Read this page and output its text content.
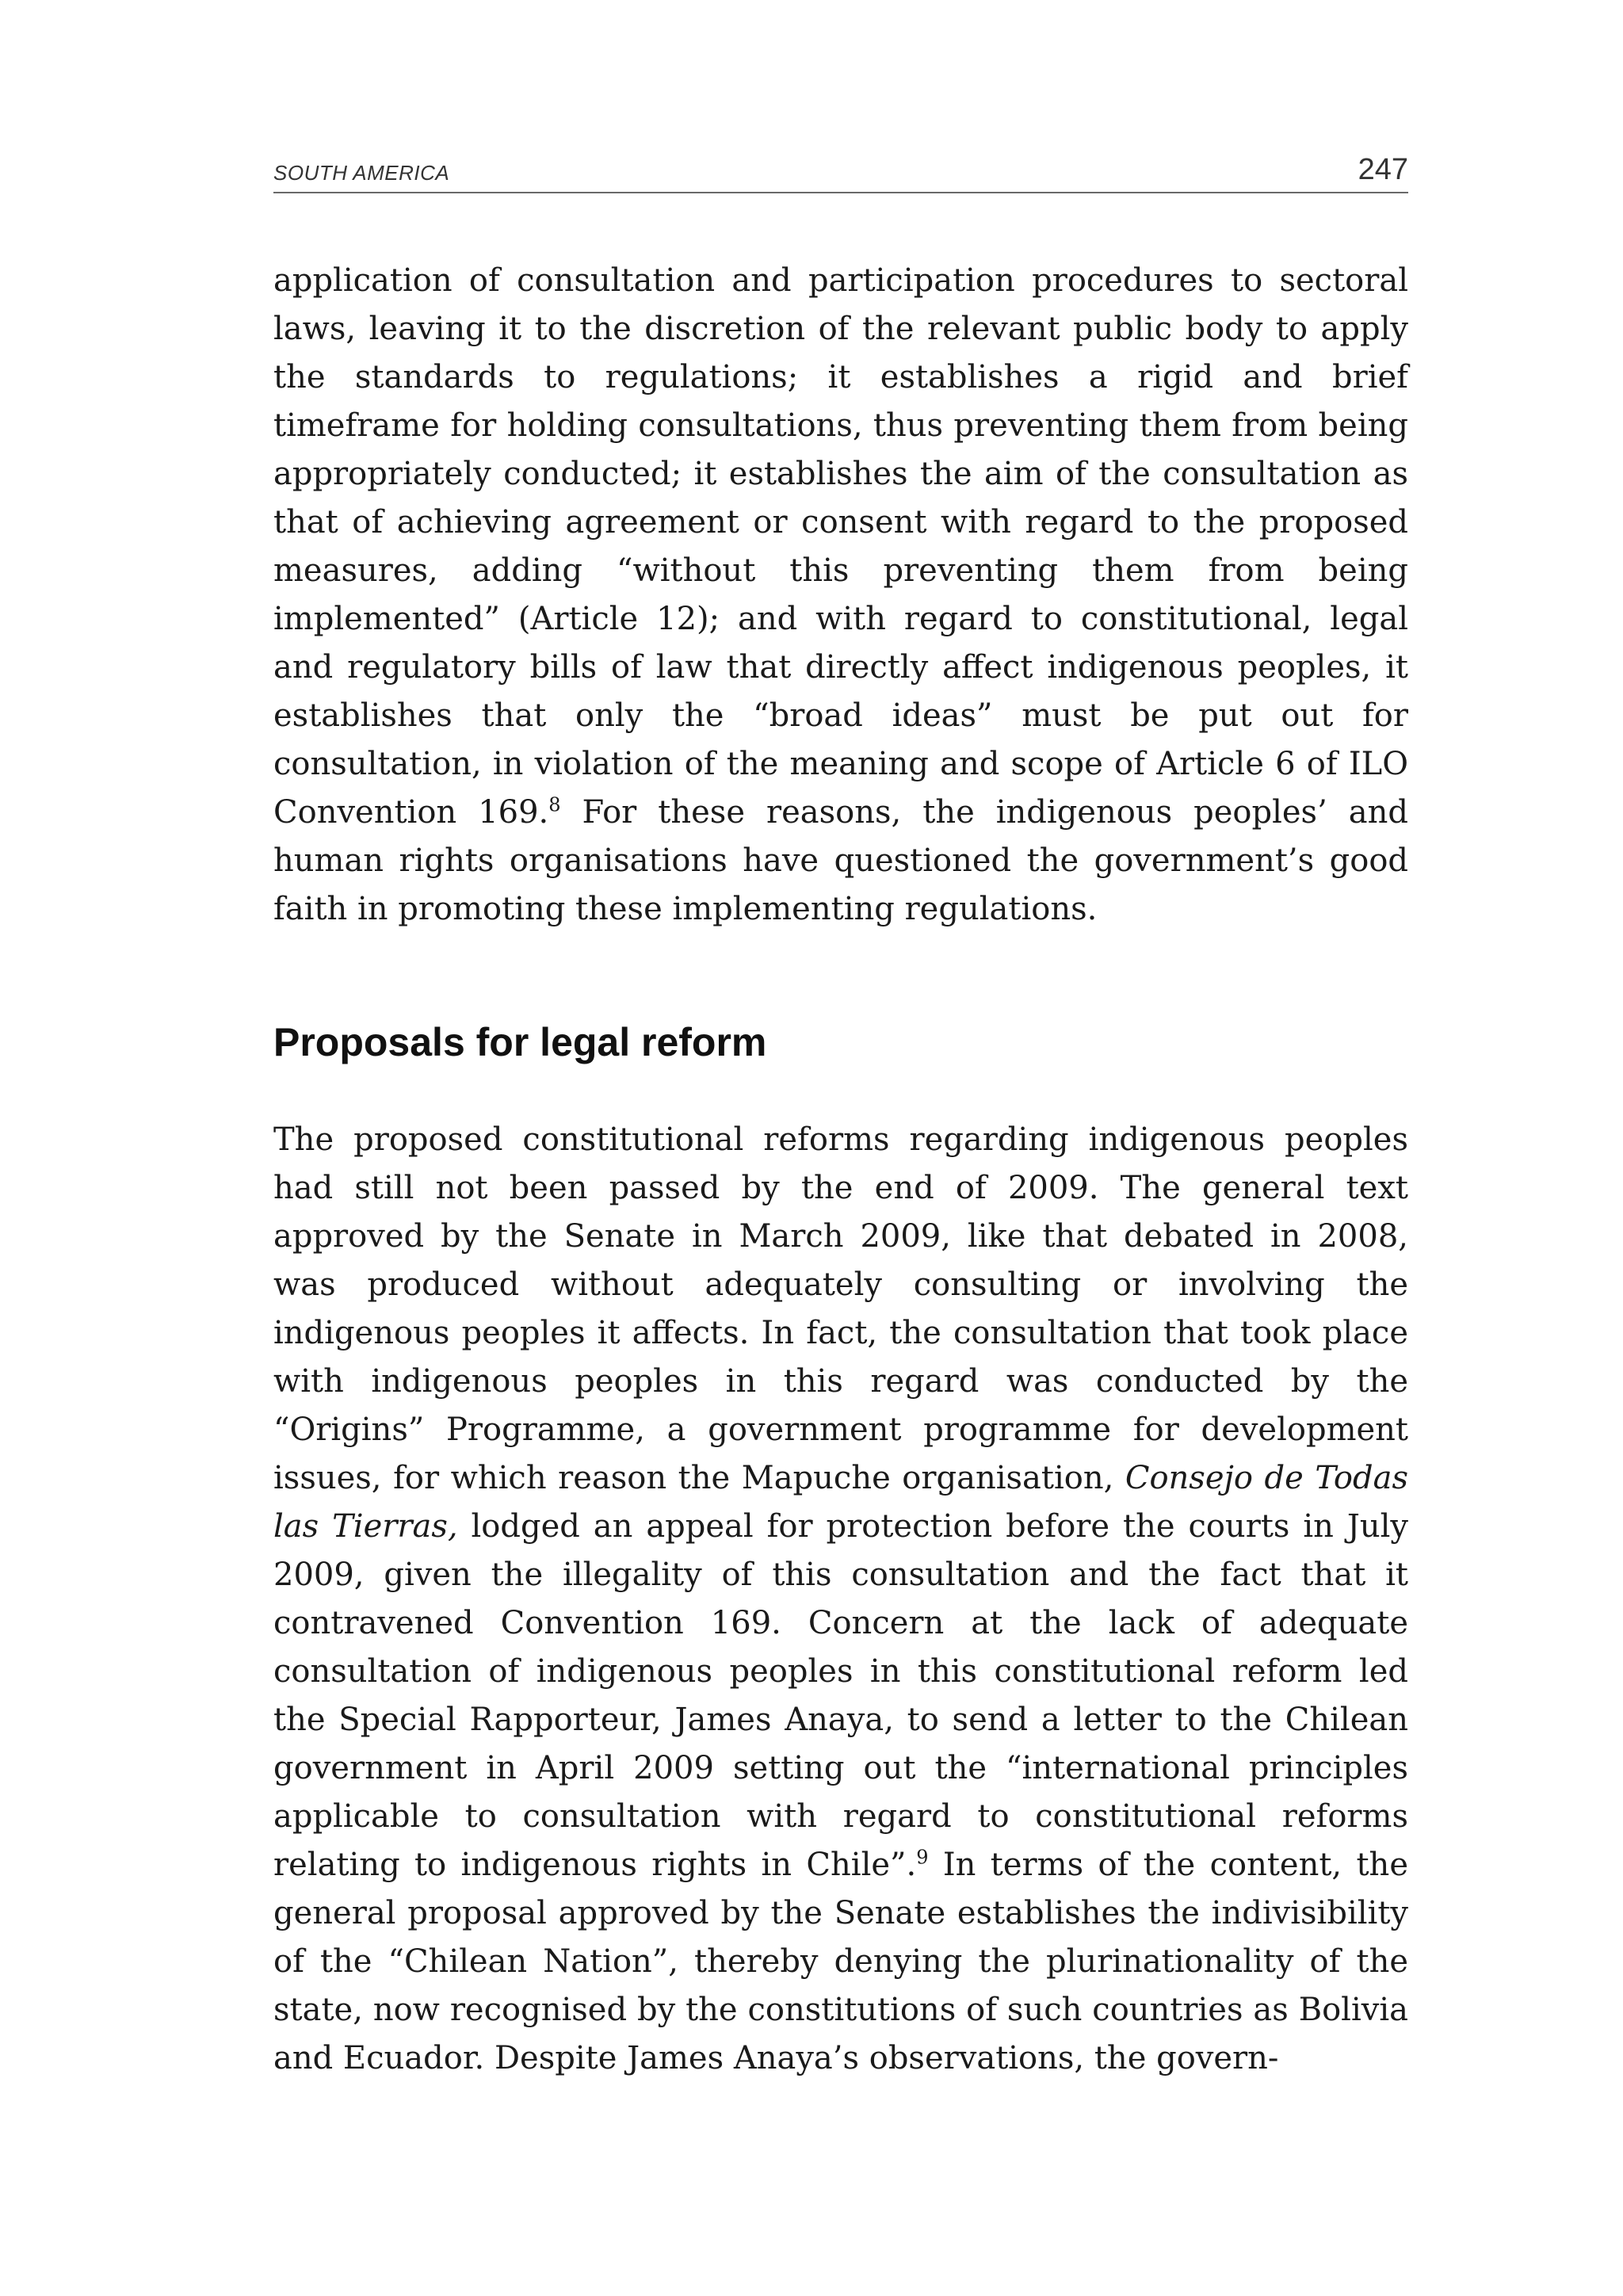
SOUTH AMERICA	247

application of consultation and participation procedures to sectoral laws, leaving it to the discretion of the relevant public body to apply the standards to regulations; it establishes a rigid and brief timeframe for holding consultations, thus preventing them from being appropriately conducted; it establishes the aim of the consultation as that of achieving agreement or consent with regard to the proposed measures, adding “without this preventing them from being implemented” (Article 12); and with regard to constitutional, legal and regulatory bills of law that directly affect indigenous peoples, it establishes that only the “broad ideas” must be put out for consultation, in violation of the meaning and scope of Article 6 of ILO Convention 169.$^8$ For these reasons, the indigenous peoples’ and human rights organisations have questioned the government’s good faith in promoting these implementing regulations.

Proposals for legal reform

The proposed constitutional reforms regarding indigenous peoples had still not been passed by the end of 2009. The general text approved by the Senate in March 2009, like that debated in 2008, was produced without adequately consulting or involving the indigenous peoples it affects. In fact, the consultation that took place with indigenous peoples in this regard was conducted by the “Origins” Programme, a government programme for development issues, for which reason the Mapuche organisation, Consejo de Todas las Tierras, lodged an appeal for protection before the courts in July 2009, given the illegality of this consultation and the fact that it contravened Convention 169. Concern at the lack of adequate consultation of indigenous peoples in this constitutional reform led the Special Rapporteur, James Anaya, to send a letter to the Chilean government in April 2009 setting out the “international principles applicable to consultation with regard to constitutional reforms relating to indigenous rights in Chile”.$^9$ In terms of the content, the general proposal approved by the Senate establishes the indivisibility of the “Chilean Nation”, thereby denying the plurinationality of the state, now recognised by the constitutions of such countries as Bolivia and Ecuador. Despite James Anaya’s observations, the govern-
